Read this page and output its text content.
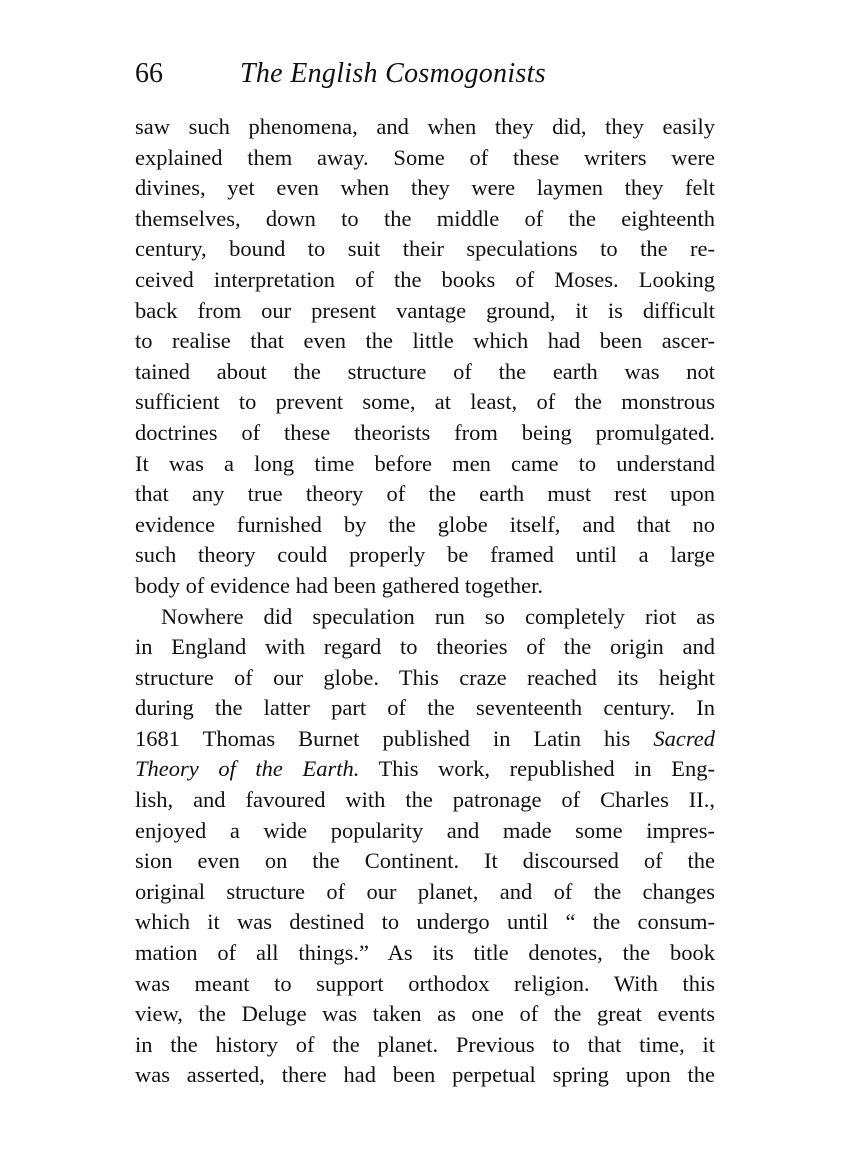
66	The English Cosmogonists
saw such phenomena, and when they did, they easily
explained them away. Some of these writers were
divines, yet even when they were laymen they felt
themselves, down to the middle of the eighteenth
century, bound to suit their speculations to the re-
ceived interpretation of the books of Moses. Looking
back from our present vantage ground, it is difficult
to realise that even the little which had been ascer-
tained about the structure of the earth was not
sufficient to prevent some, at least, of the monstrous
doctrines of these theorists from being promulgated.
It was a long time before men came to understand
that any true theory of the earth must rest upon
evidence furnished by the globe itself, and that no
such theory could properly be framed until a large
body of evidence had been gathered together.
Nowhere did speculation run so completely riot as
in England with regard to theories of the origin and
structure of our globe. This craze reached its height
during the latter part of the seventeenth century. In
1681 Thomas Burnet published in Latin his Sacred
Theory of the Earth. This work, republished in Eng-
lish, and favoured with the patronage of Charles II.,
enjoyed a wide popularity and made some impres-
sion even on the Continent. It discoursed of the
original structure of our planet, and of the changes
which it was destined to undergo until “ the consum-
mation of all things.” As its title denotes, the book
was meant to support orthodox religion. With this
view, the Deluge was taken as one of the great events
in the history of the planet. Previous to that time, it
was asserted, there had been perpetual spring upon the
